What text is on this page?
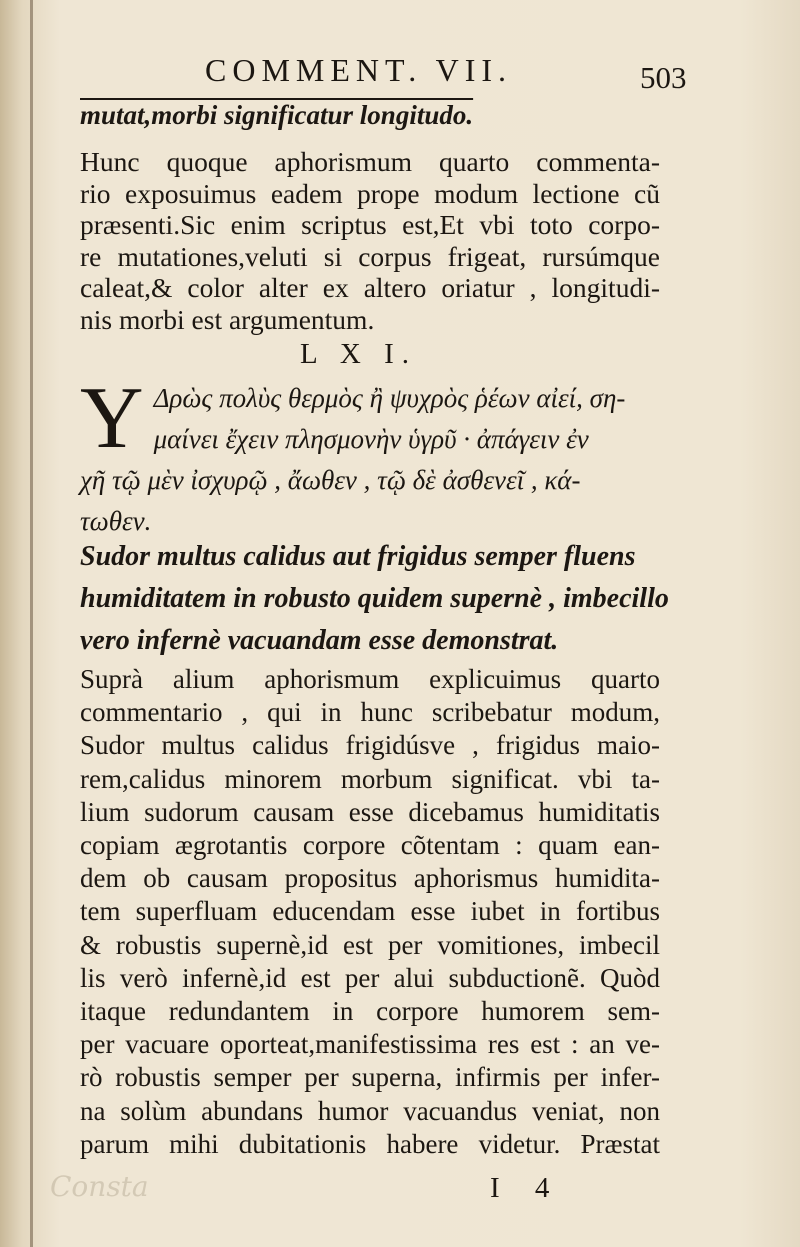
COMMENT. VII.	503
mutat,morbi significatur longitudo.
Hunc quoque aphorismum quarto commenta-
rio exposuimus eadem prope modum lectione cũ
præsenti.Sic enim scriptus est,Et vbi toto corpo-
re mutationes,veluti si corpus frigeat, rursúmque
caleat,& color alter ex altero oriatur , longitudi-
nis morbi est argumentum.
L X I.
Y Δρὼς πολὺς θερμὸς ἢ ψυχρὸς ῥέων αἰεί, ση-
μαίνει ἔχειν πλησμονὴν ὑγρῦ · ἀπάγειν ἐν
χῆ τῷ μὲν ἰσχυρῷ , ἄωθεν , τῷ δὲ ἀσθενεῖ , κά-
τωθεν.
Sudor multus calidus aut frigidus semper fluens
humiditatem in robusto quidem supernè , imbecillo
vero infernè vacuandam esse demonstrat.
Suprà alium aphorismum explicuimus quarto
commentario , qui in hunc scribebatur modum,
Sudor multus calidus frigidúsve , frigidus maio-
rem,calidus minorem morbum significat. vbi ta-
lium sudorum causam esse dicebamus humiditatis
copiam ægrotantis corpore cõtentam : quam ean-
dem ob causam propositus aphorismus humidita-
tem superfluam educendam esse iubet in fortibus
& robustis supernè,id est per vomitiones, imbecil
lis verò infernè,id est per alui subductionẽ. Quòd
itaque redundantem in corpore humorem sem-
per vacuare oporteat,manifestissima res est : an ve-
rò robustis semper per superna, infirmis per infer-
na solùm abundans humor vacuandus veniat, non
parum mihi dubitationis habere videtur. Præstat
Consta	I 4
